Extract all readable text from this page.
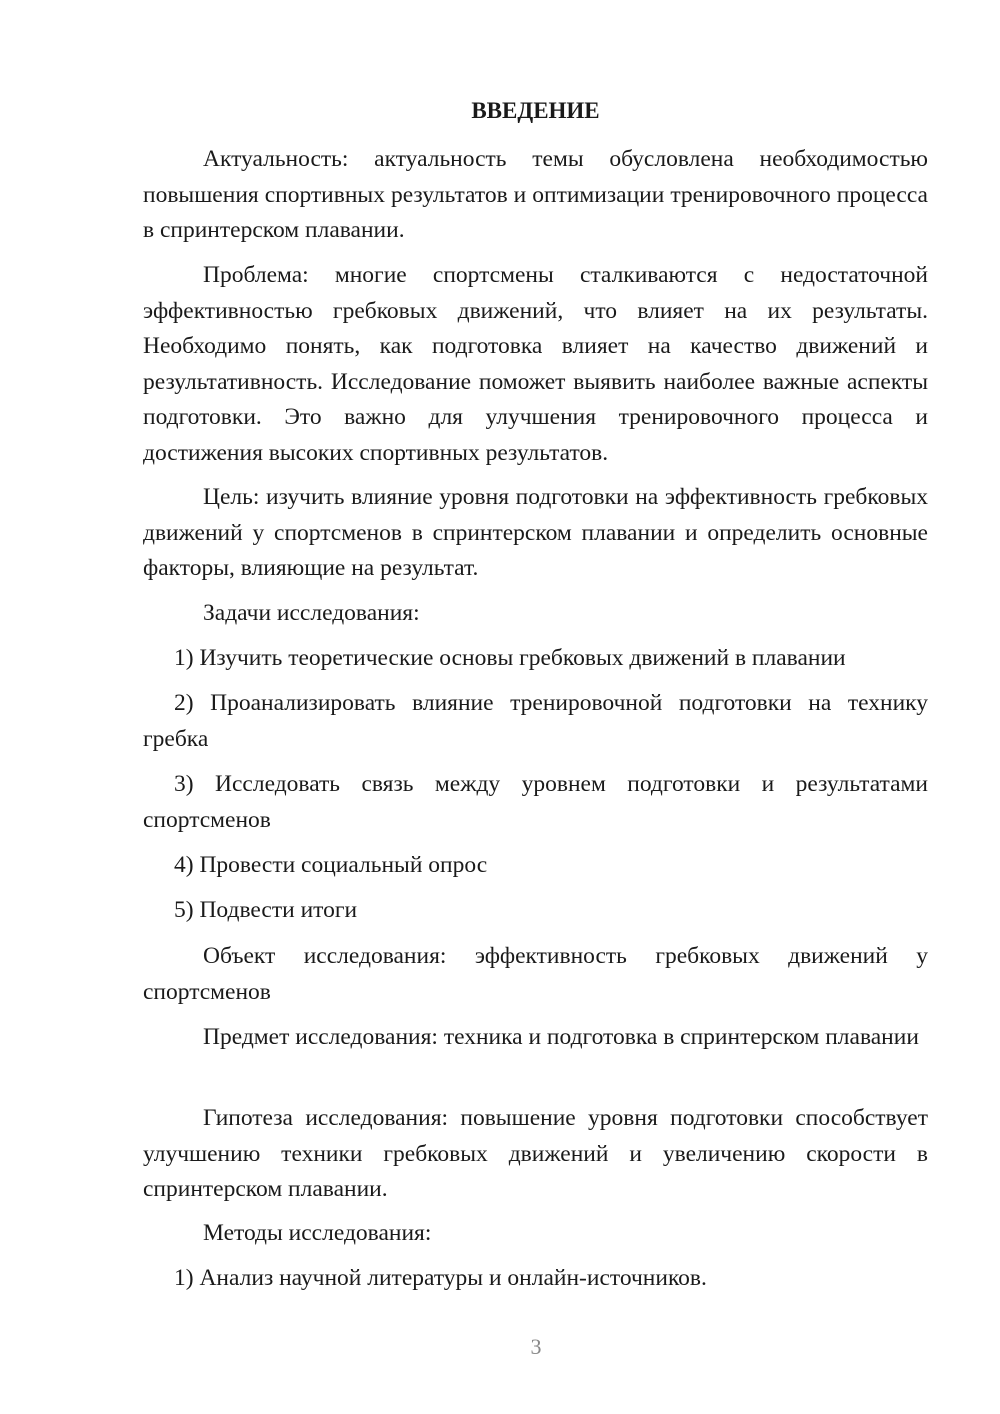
ВВЕДЕНИЕ

Актуальность: актуальность темы обусловлена необходимостью повышения спортивных результатов и оптимизации тренировочного процесса в спринтерском плавании.

Проблема: многие спортсмены сталкиваются с недостаточной эффективностью гребковых движений, что влияет на их результаты. Необходимо понять, как подготовка влияет на качество движений и результативность. Исследование поможет выявить наиболее важные аспекты подготовки. Это важно для улучшения тренировочного процесса и достижения высоких спортивных результатов.

Цель: изучить влияние уровня подготовки на эффективность гребковых движений у спортсменов в спринтерском плавании и определить основные факторы, влияющие на результат.

Задачи исследования:

1) Изучить теоретические основы гребковых движений в плавании

2) Проанализировать влияние тренировочной подготовки на технику гребка

3) Исследовать связь между уровнем подготовки и результатами спортсменов

4) Провести социальный опрос

5) Подвести итоги

Объект исследования: эффективность гребковых движений у спортсменов

Предмет исследования: техника и подготовка в спринтерском плавании

Гипотеза исследования: повышение уровня подготовки способствует улучшению техники гребковых движений и увеличению скорости в спринтерском плавании.

Методы исследования:

1) Анализ научной литературы и онлайн-источников.

3
